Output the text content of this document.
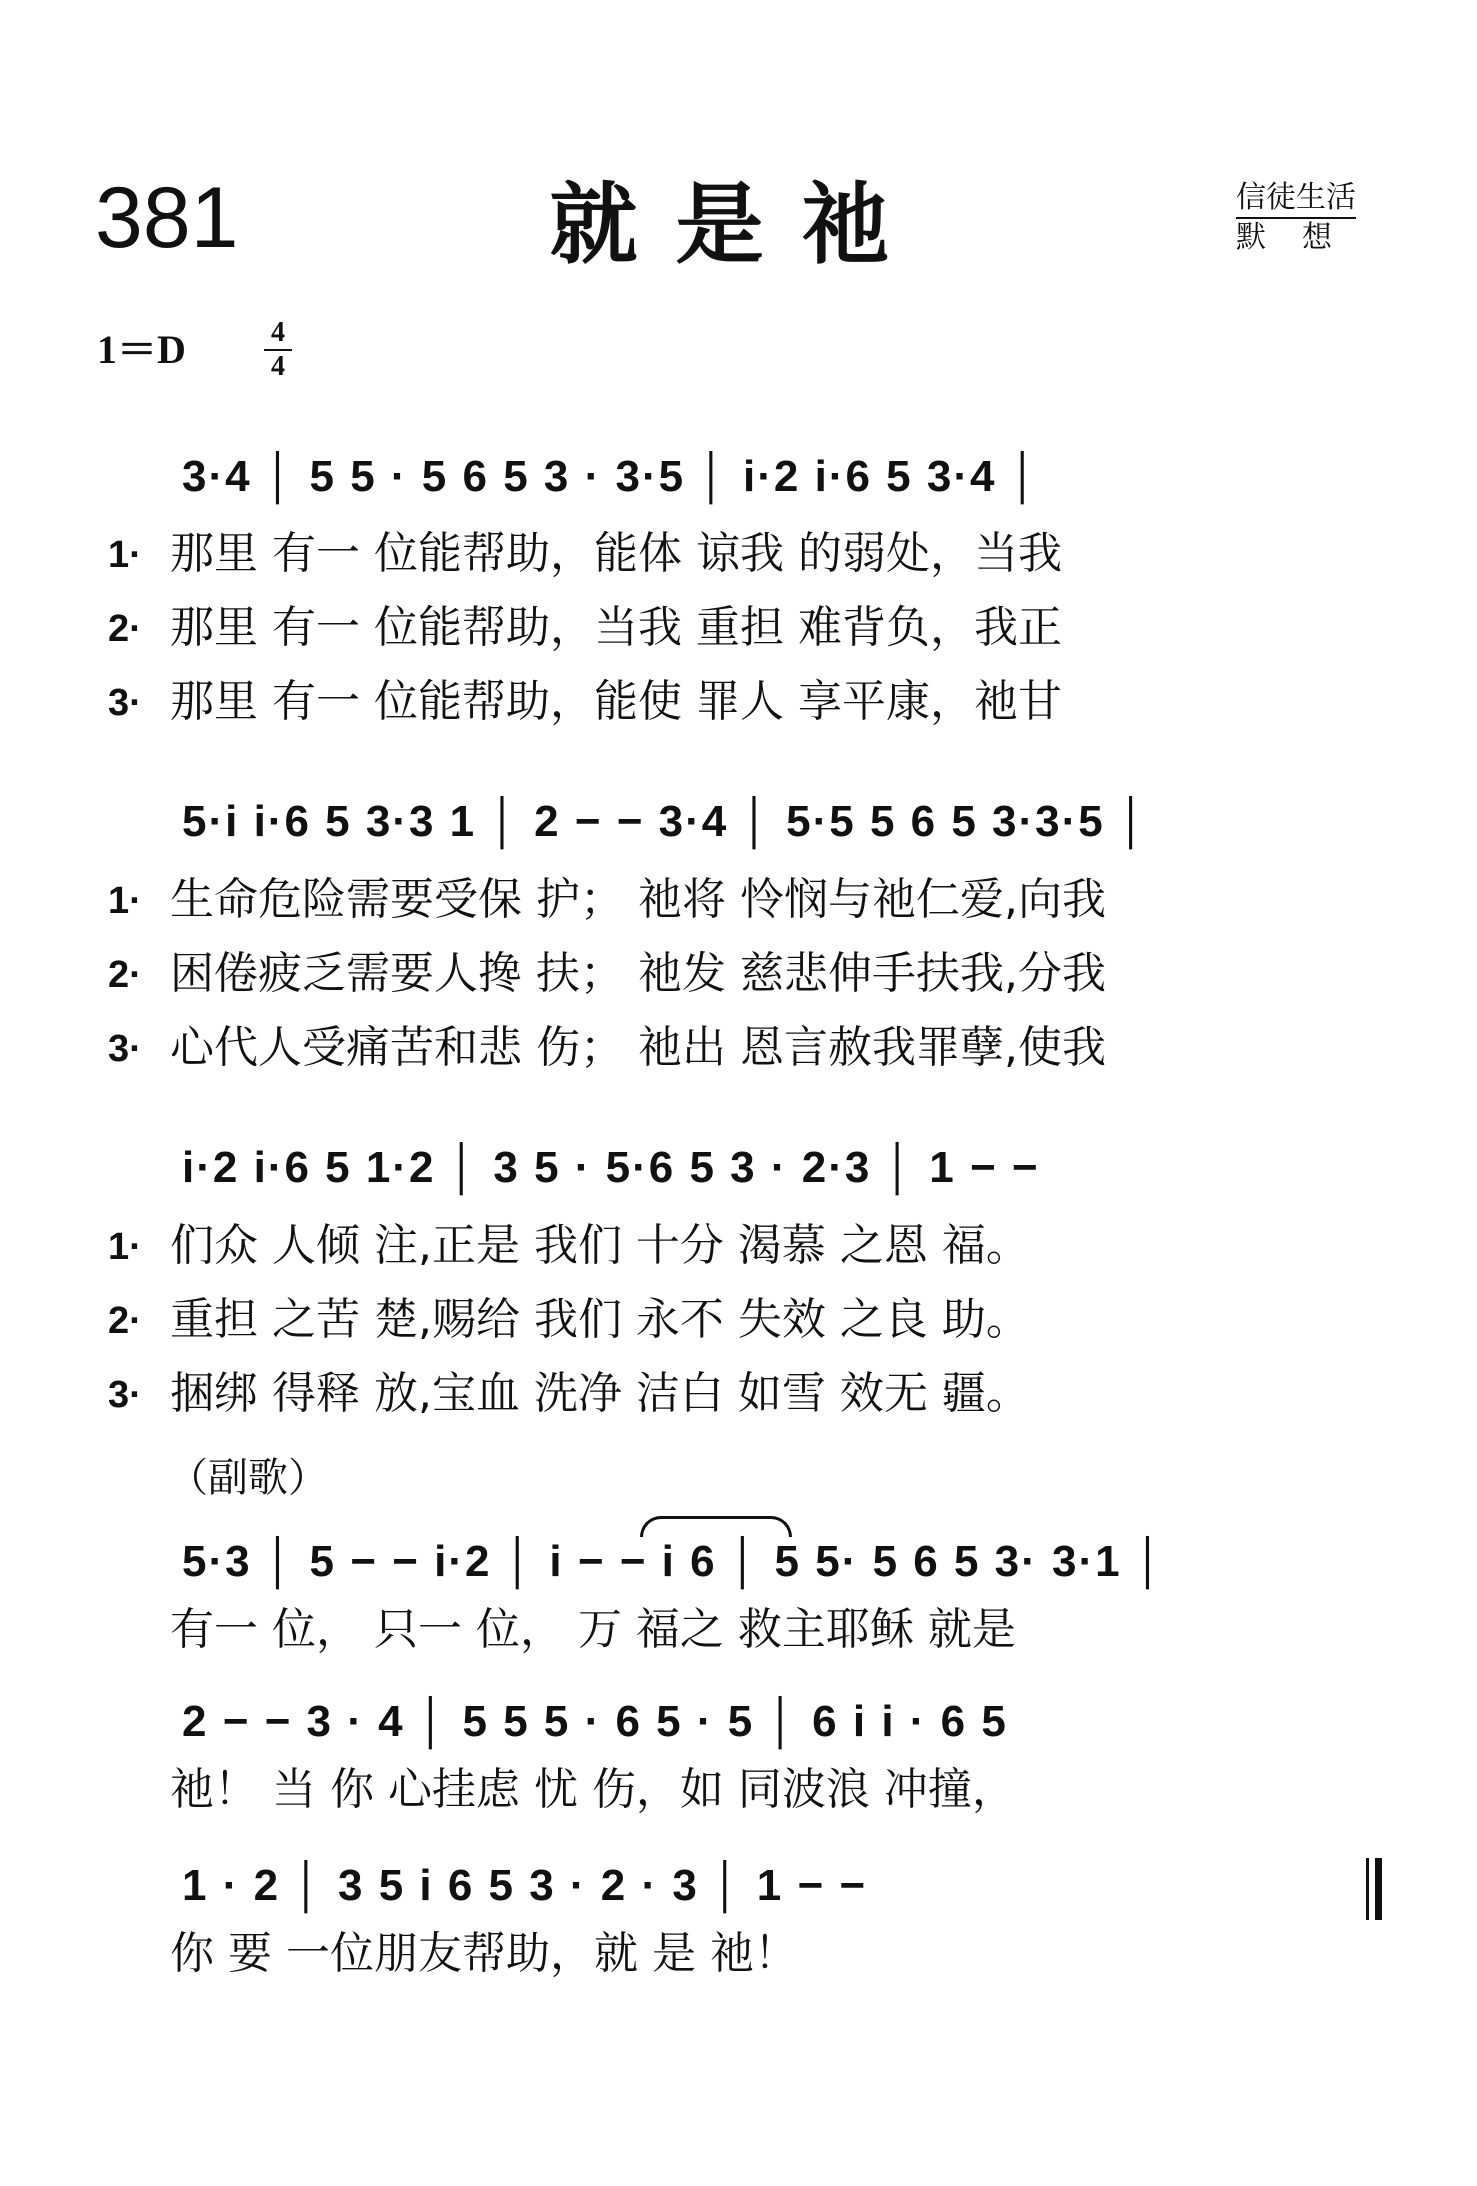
381	就是祂	信徒生活
默想
1＝D	4
4
3·4 │ 5 5 · 5 6 5 3 · 3·5 │ i·2 i·6 5 3·4 │
1· 那里 有一 位能帮助，能体 谅我 的弱处，当我
2· 那里 有一 位能帮助，当我 重担 难背负，我正
3· 那里 有一 位能帮助，能使 罪人 享平康，祂甘
5·i i·6 5 3·3 1 │ 2 − − 3·4 │ 5·5 5 6 5 3·3·5 │
1· 生命危险需要受保 护； 祂将 怜悯与祂仁爱,向我
2· 困倦疲乏需要人搀 扶； 祂发 慈悲伸手扶我,分我
3· 心代人受痛苦和悲 伤； 祂出 恩言赦我罪孽,使我
i·2 i·6 5 1·2 │ 3 5 · 5·6 5 3 · 2·3 │ 1 − −
1· 们众 人倾 注,正是 我们 十分 渴慕 之恩 福。
2· 重担 之苦 楚,赐给 我们 永不 失效 之良 助。
3· 捆绑 得释 放,宝血 洗净 洁白 如雪 效无 疆。
（副歌）
5·3 │ 5 − − i·2 │ i − − i 6 │ 5 5· 5 6 5 3· 3·1 │
有一 位， 只一 位， 万 福之 救主耶稣 就是
2 − − 3 · 4 │ 5 5 5 · 6 5 · 5 │ 6 i i · 6 5
祂！ 当 你 心挂虑 忧 伤，如 同波浪 冲撞，
1 · 2 │ 3 5 i 6 5 3 · 2 · 3 │ 1 − −
你 要 一位朋友帮助，就 是 祂！
